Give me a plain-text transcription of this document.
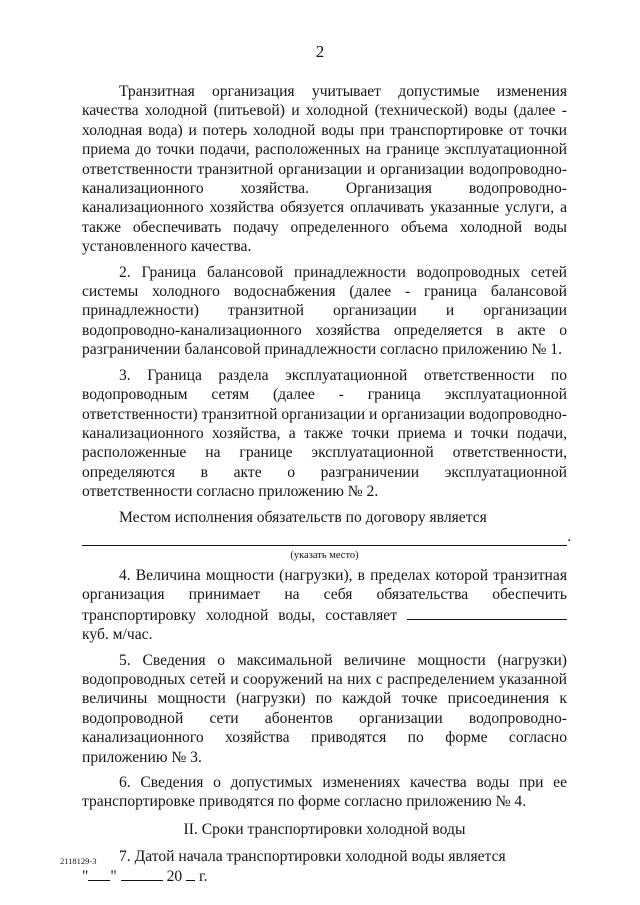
2

Транзитная организация учитывает допустимые изменения качества холодной (питьевой) и холодной (технической) воды (далее - холодная вода) и потерь холодной воды при транспортировке от точки приема до точки подачи, расположенных на границе эксплуатационной ответственности транзитной организации и организации водопроводно-канализационного хозяйства. Организация водопроводно-канализационного хозяйства обязуется оплачивать указанные услуги, а также обеспечивать подачу определенного объема холодной воды установленного качества.

2. Граница балансовой принадлежности водопроводных сетей системы холодного водоснабжения (далее - граница балансовой принадлежности) транзитной организации и организации водопроводно-канализационного хозяйства определяется в акте о разграничении балансовой принадлежности согласно приложению № 1.

3. Граница раздела эксплуатационной ответственности по водопроводным сетям (далее - граница эксплуатационной ответственности) транзитной организации и организации водопроводно-канализационного хозяйства, а также точки приема и точки подачи, расположенные на границе эксплуатационной ответственности, определяются в акте о разграничении эксплуатационной ответственности согласно приложению № 2.

Местом исполнения обязательств по договору является

.
(указать место)

4. Величина мощности (нагрузки), в пределах которой транзитная организация принимает на себя обязательства обеспечить транспортировку холодной воды, составляет  куб. м/час.

5. Сведения о максимальной величине мощности (нагрузки) водопроводных сетей и сооружений на них с распределением указанной величины мощности (нагрузки) по каждой точке присоединения к водопроводной сети абонентов организации водопроводно-канализационного хозяйства приводятся по форме согласно приложению № 3.

6. Сведения о допустимых изменениях качества воды при ее транспортировке приводятся по форме согласно приложению № 4.

II. Сроки транспортировки холодной воды

7. Датой начала транспортировки холодной воды является

" "	20 г.
2118129-3
